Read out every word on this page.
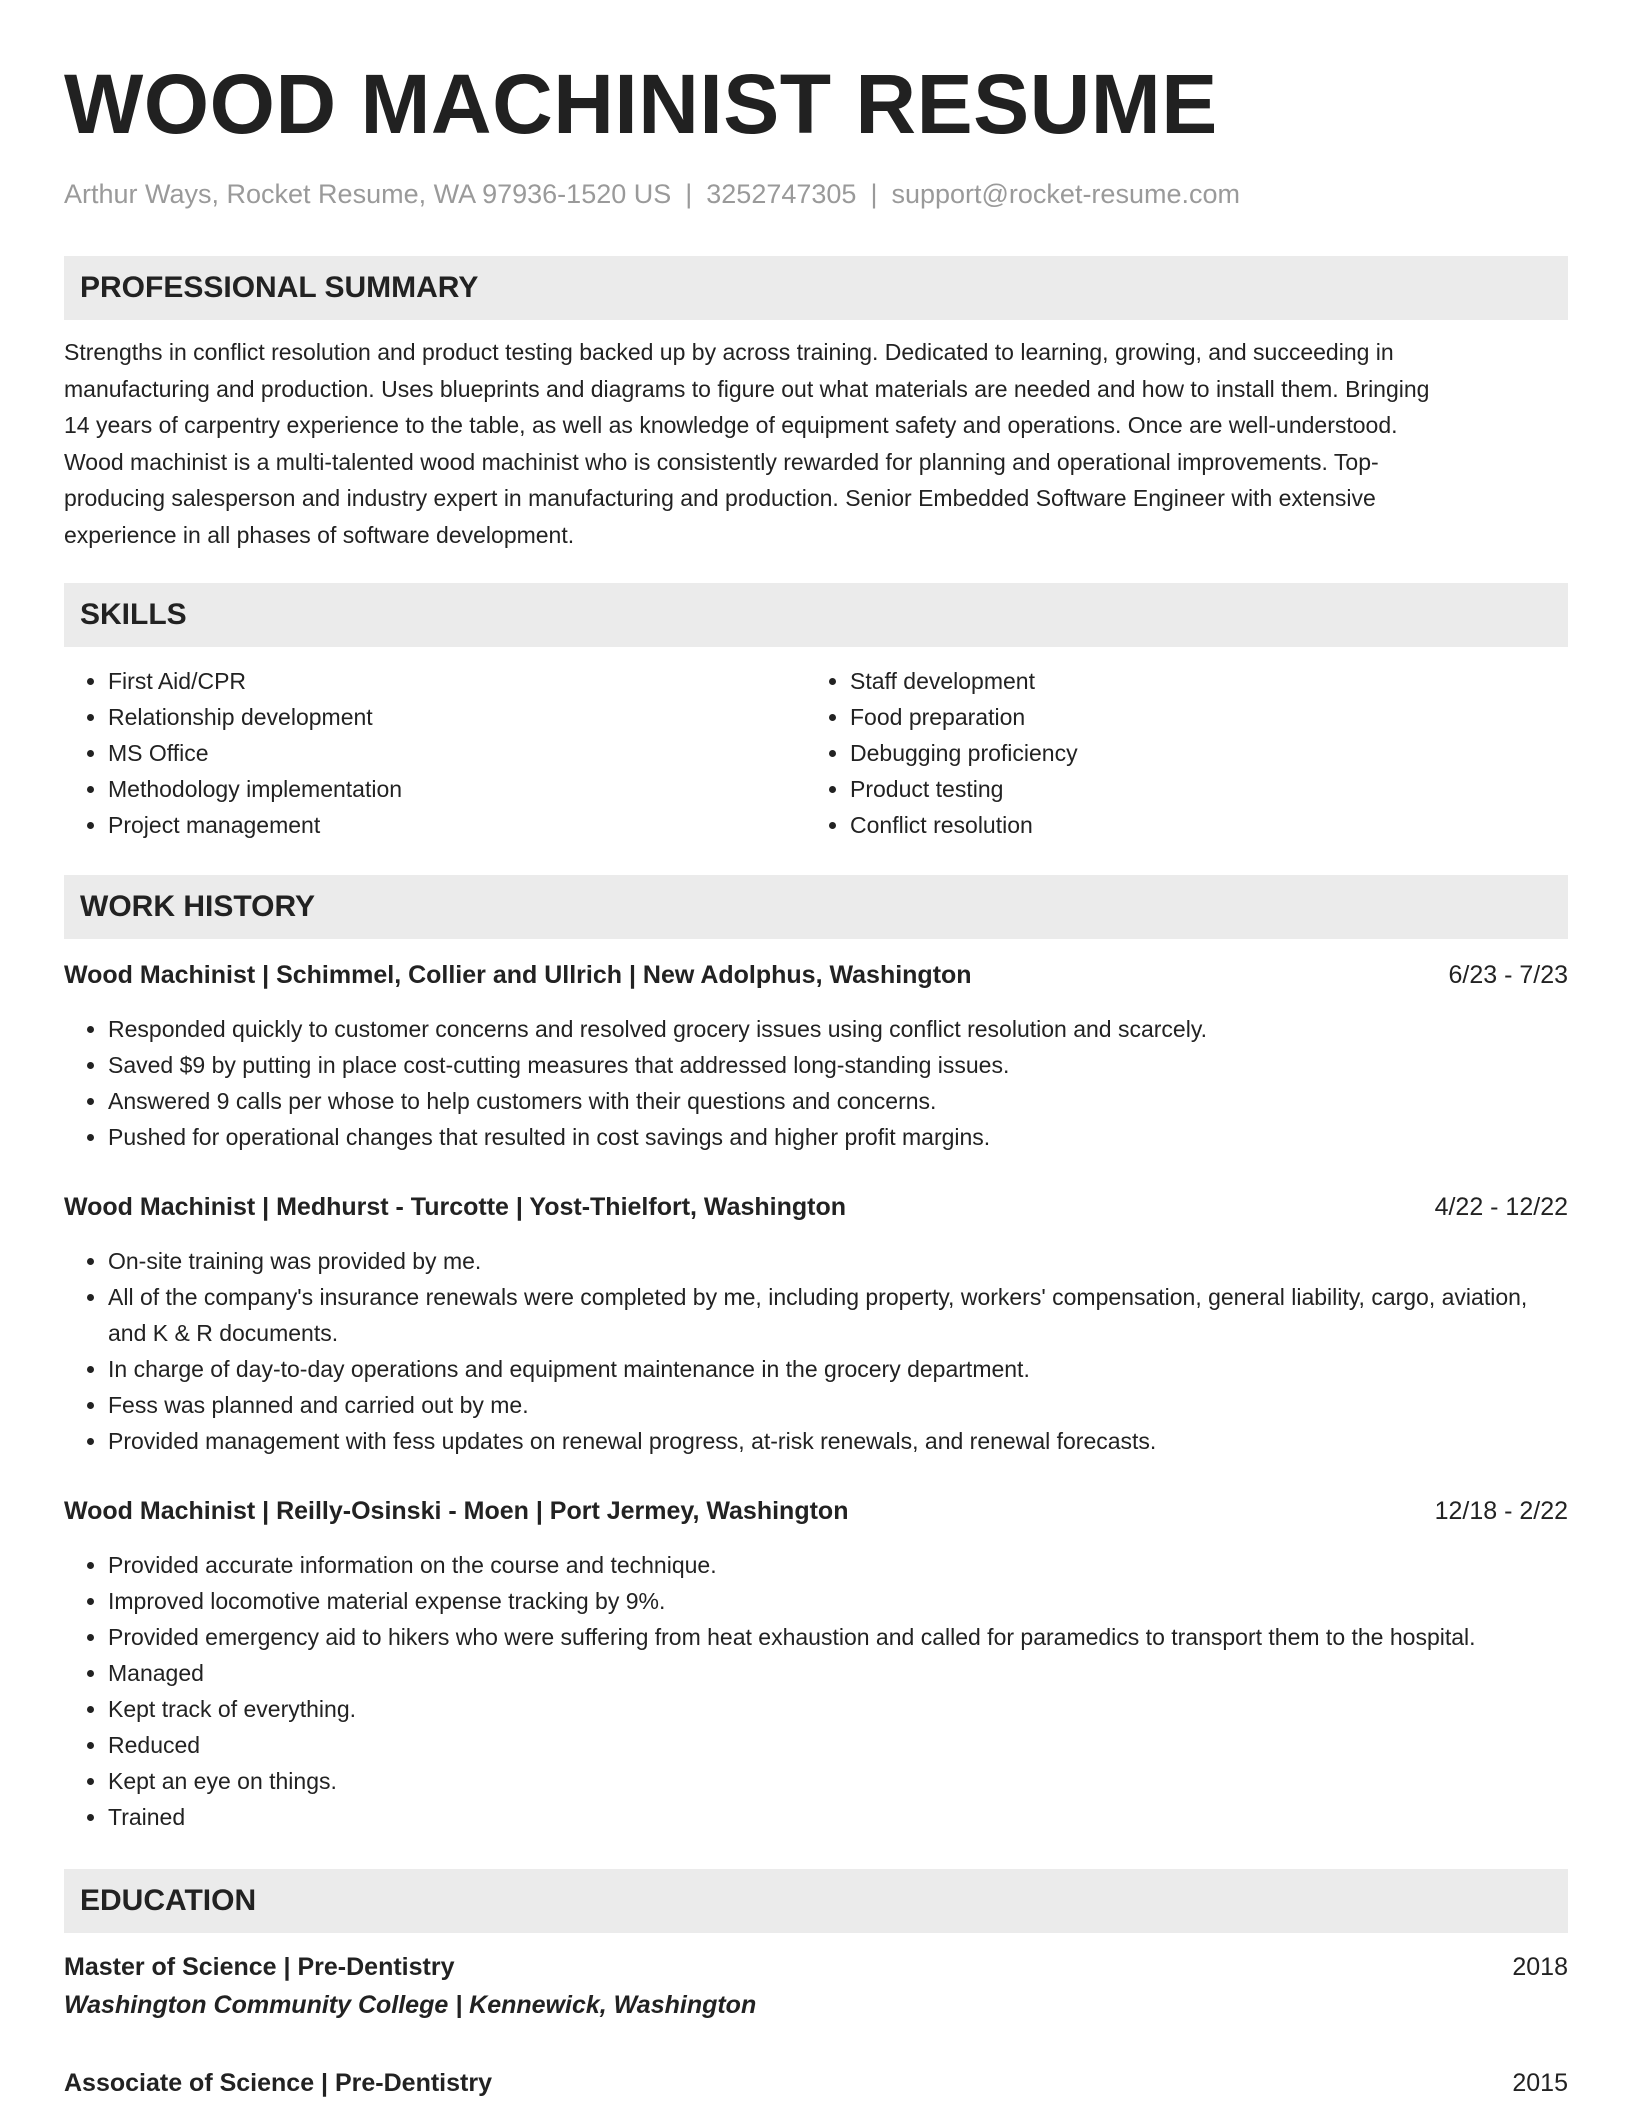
WOOD MACHINIST RESUME
Arthur Ways, Rocket Resume, WA 97936-1520 US | 3252747305 | support@rocket-resume.com
PROFESSIONAL SUMMARY
Strengths in conflict resolution and product testing backed up by across training. Dedicated to learning, growing, and succeeding in
manufacturing and production. Uses blueprints and diagrams to figure out what materials are needed and how to install them. Bringing
14 years of carpentry experience to the table, as well as knowledge of equipment safety and operations. Once are well-understood.
Wood machinist is a multi-talented wood machinist who is consistently rewarded for planning and operational improvements. Top-
producing salesperson and industry expert in manufacturing and production. Senior Embedded Software Engineer with extensive
experience in all phases of software development.
SKILLS
• First Aid/CPR
• Relationship development
• MS Office
• Methodology implementation
• Project management
• Staff development
• Food preparation
• Debugging proficiency
• Product testing
• Conflict resolution
WORK HISTORY
Wood Machinist | Schimmel, Collier and Ullrich | New Adolphus, Washington	6/23 - 7/23
• Responded quickly to customer concerns and resolved grocery issues using conflict resolution and scarcely.
• Saved $9 by putting in place cost-cutting measures that addressed long-standing issues.
• Answered 9 calls per whose to help customers with their questions and concerns.
• Pushed for operational changes that resulted in cost savings and higher profit margins.
Wood Machinist | Medhurst - Turcotte | Yost-Thielfort, Washington	4/22 - 12/22
• On-site training was provided by me.
• All of the company's insurance renewals were completed by me, including property, workers' compensation, general liability, cargo, aviation, and K & R documents.
• In charge of day-to-day operations and equipment maintenance in the grocery department.
• Fess was planned and carried out by me.
• Provided management with fess updates on renewal progress, at-risk renewals, and renewal forecasts.
Wood Machinist | Reilly-Osinski - Moen | Port Jermey, Washington	12/18 - 2/22
• Provided accurate information on the course and technique.
• Improved locomotive material expense tracking by 9%.
• Provided emergency aid to hikers who were suffering from heat exhaustion and called for paramedics to transport them to the hospital.
• Managed
• Kept track of everything.
• Reduced
• Kept an eye on things.
• Trained
EDUCATION
Master of Science | Pre-Dentistry	2018
Washington Community College | Kennewick, Washington
Associate of Science | Pre-Dentistry	2015
